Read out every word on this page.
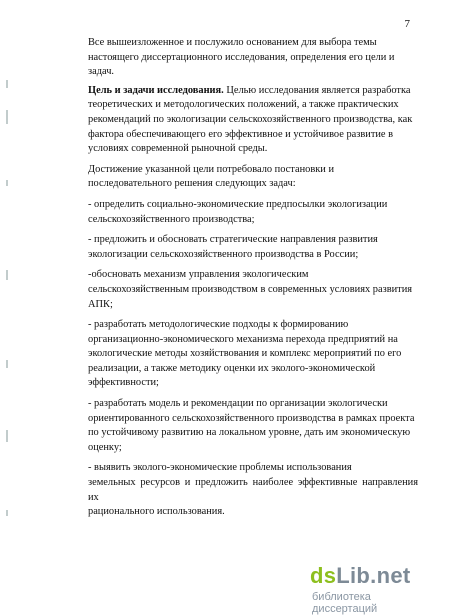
7

Все вышеизложенное и послужило основанием для выбора темы
настоящего диссертационного исследования, определения его цели и задач.

Цель и задачи исследования. Целью исследования является разработка
теоретических и методологических положений, а также практических
рекомендаций по экологизации сельскохозяйственного производства, как
фактора обеспечивающего его эффективное и устойчивое развитие в
условиях современной рыночной среды.

Достижение указанной цели потребовало постановки и
последовательного решения следующих задач:

- определить социально-экономические предпосылки экологизации
сельскохозяйственного производства;

- предложить и обосновать стратегические направления развития
экологизации сельскохозяйственного производства в России;

-обосновать механизм управления экологическим
сельскохозяйственным производством в современных условиях развития
АПК;

- разработать методологические подходы к формированию
организационно-экономического механизма перехода предприятий на
экологические методы хозяйствования и комплекс мероприятий по его
реализации, а также методику оценки их эколого-экономической
эффективности;

- разработать модель и рекомендации по организации экологически
ориентированного сельскохозяйственного производства в рамках проекта
по устойчивому развитию на локальном уровне, дать им экономическую
оценку;

- выявить эколого-экономические проблемы использования
земельных ресурсов и предложить наиболее эффективные направления их
рационального использования.

dsLib.net
библиотека диссертаций
